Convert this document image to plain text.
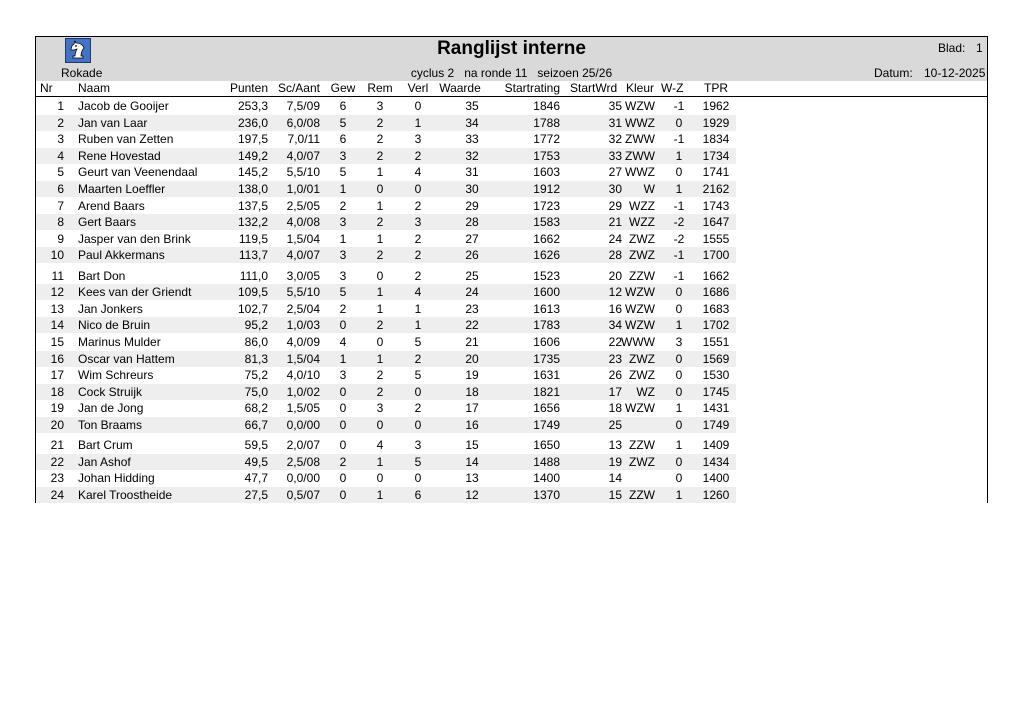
Ranglijst interne
Rokade	cyclus 2   na ronde 11   seizoen 25/26
Blad: 1
Datum: 10-12-2025
Nr Naam	Punten Sc/Aant Gew Rem	Verl Waarde	Startrating StartWrd Kleur W-Z	TPR
1 Jacob de Gooijer	253,3	7,5/09	6	3	0	35	1846	35 WZW	-1	1962
2 Jan van Laar	236,0	6,0/08	5	2	1	34	1788	31 WWZ	0	1929
3 Ruben van Zetten	197,5	7,0/11	6	2	3	33	1772	32 ZWW	-1	1834
4 Rene Hovestad	149,2	4,0/07	3	2	2	32	1753	33 ZWW	1	1734
5 Geurt van Veenendaal	145,2	5,5/10	5	1	4	31	1603	27 WWZ	0	1741
6 Maarten Loeffler	138,0	1,0/01	1	0	0	30	1912	30	W	1	2162
7 Arend Baars	137,5	2,5/05	2	1	2	29	1723	29 WZZ	-1	1743
8 Gert Baars	132,2	4,0/08	3	2	3	28	1583	21 WZZ	-2	1647
9 Jasper van den Brink	119,5	1,5/04	1	1	2	27	1662	24 ZWZ	-2	1555
10 Paul Akkermans	113,7	4,0/07	3	2	2	26	1626	28 ZWZ	-1	1700
11 Bart Don	111,0	3,0/05	3	0	2	25	1523	20 ZZW	-1	1662
12 Kees van der Griendt	109,5	5,5/10	5	1	4	24	1600	12 WZW	0	1686
13 Jan Jonkers	102,7	2,5/04	2	1	1	23	1613	16 WZW	0	1683
14 Nico de Bruin	95,2	1,0/03	0	2	1	22	1783	34 WZW	1	1702
15 Marinus Mulder	86,0	4,0/09	4	0	5	21	1606	22 WWW	3	1551
16 Oscar van Hattem	81,3	1,5/04	1	1	2	20	1735	23 ZWZ	0	1569
17 Wim Schreurs	75,2	4,0/10	3	2	5	19	1631	26 ZWZ	0	1530
18 Cock Struijk	75,0	1,0/02	0	2	0	18	1821	17	WZ	0	1745
19 Jan de Jong	68,2	1,5/05	0	3	2	17	1656	18 WZW	1	1431
20 Ton Braams	66,7	0,0/00	0	0	0	16	1749	25	0	1749
21 Bart Crum	59,5	2,0/07	0	4	3	15	1650	13 ZZW	1	1409
22 Jan Ashof	49,5	2,5/08	2	1	5	14	1488	19 ZWZ	0	1434
23 Johan Hidding	47,7	0,0/00	0	0	0	13	1400	14	0	1400
24 Karel Troostheide	27,5	0,5/07	0	1	6	12	1370	15 ZZW	1	1260
